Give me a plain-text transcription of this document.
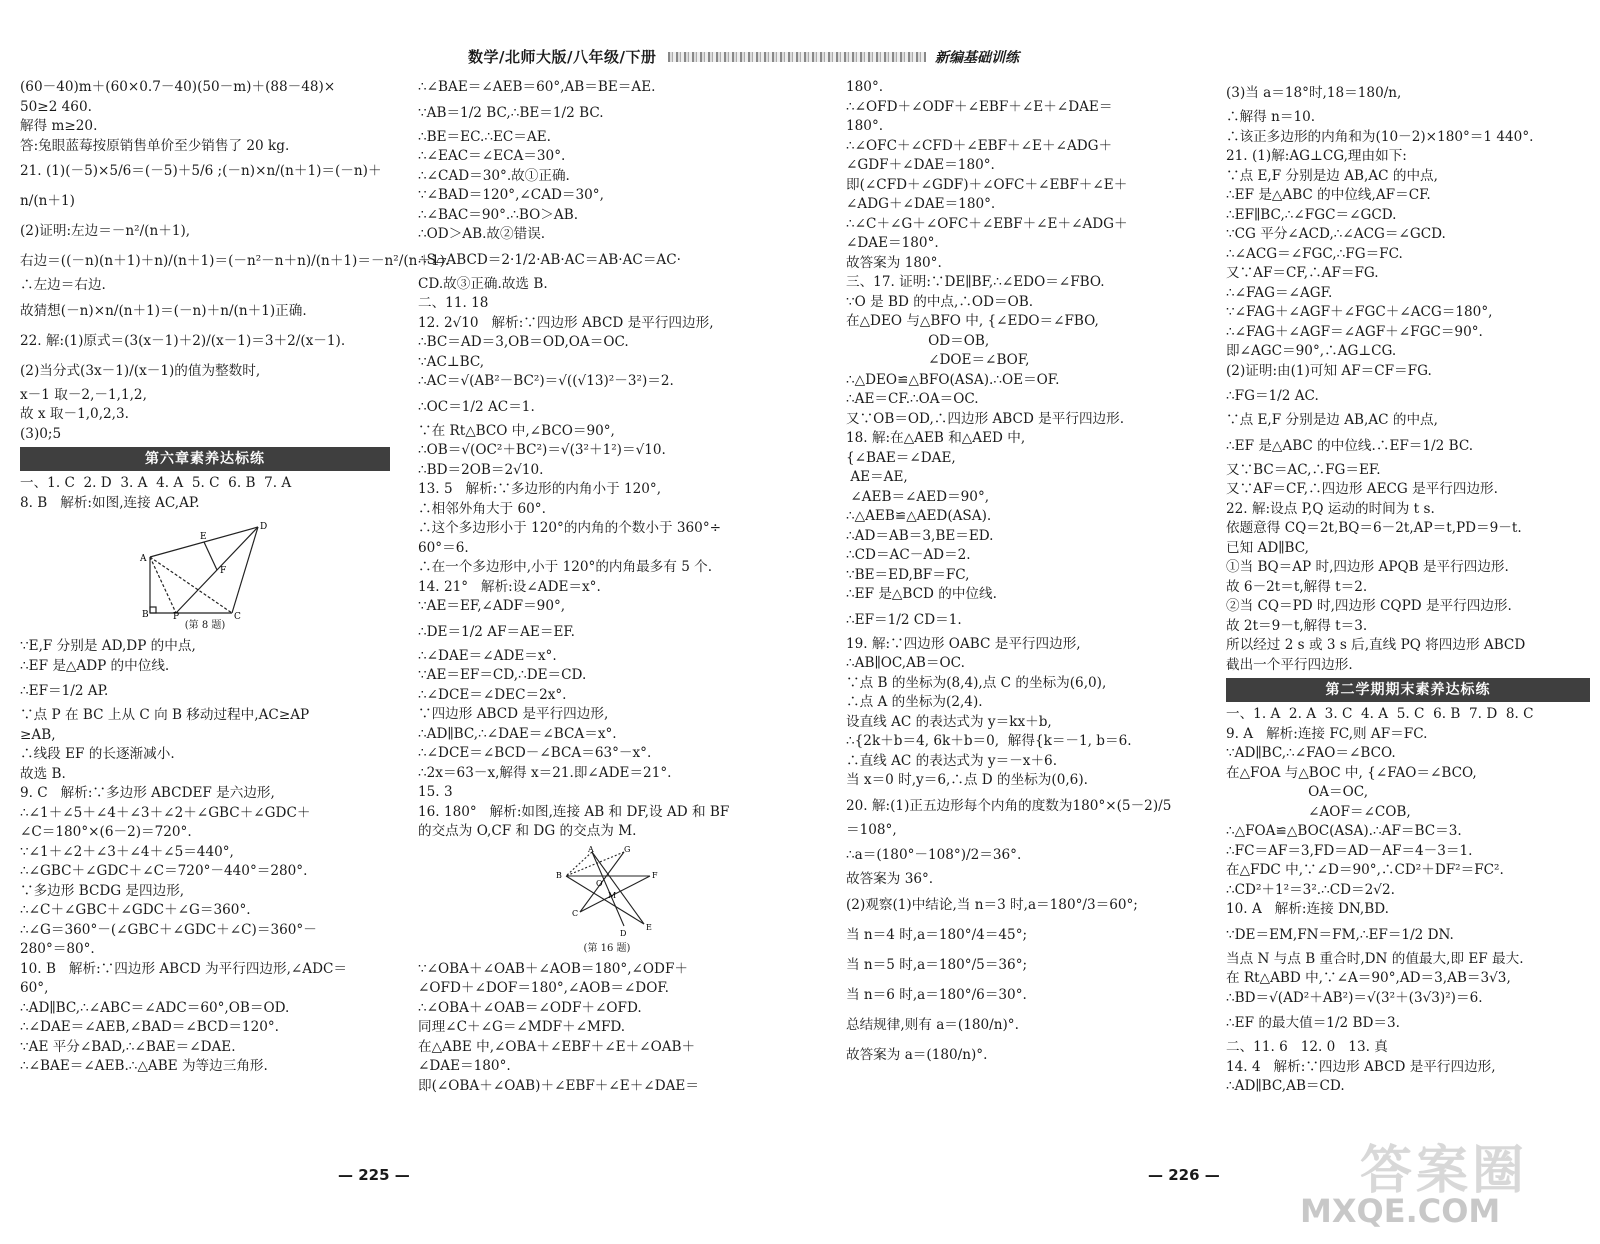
数学/北师大版/八年级/下册	新编基础训练
(60－40)m＋(60×0.7－40)(50－m)＋(88－48)×
50≥2 460.
解得 m≥20.
答:兔眼蓝莓按原销售单价至少销售了 20 kg.
21. (1)(－5)×5/6＝(－5)＋5/6 ;(－n)×n/(n＋1)＝(－n)＋
n/(n＋1)
(2)证明:左边＝－n²/(n＋1),
右边＝((－n)(n＋1)＋n)/(n＋1)＝(－n²－n＋n)/(n＋1)＝－n²/(n＋1).
∴左边＝右边.
故猜想(－n)×n/(n＋1)＝(－n)＋n/(n＋1)正确.
22. 解:(1)原式＝(3(x－1)＋2)/(x－1)＝3＋2/(x－1).
(2)当分式(3x－1)/(x－1)的值为整数时,
x－1 取－2,－1,1,2,
故 x 取－1,0,2,3.
(3)0;5
第六章素养达标练
一、1. C  2. D  3. A  4. A  5. C  6. B  7. A
8. B   解析:如图,连接 AC,AP.
A
B	P	C
D
E
F
(第 8 题)
∵E,F 分别是 AD,DP 的中点,
∴EF 是△ADP 的中位线.
∴EF＝1/2 AP.
∵点 P 在 BC 上从 C 向 B 移动过程中,AC≥AP
≥AB,
∴线段 EF 的长逐渐减小.
故选 B.
9. C   解析:∵多边形 ABCDEF 是六边形,
∴∠1＋∠5＋∠4＋∠3＋∠2＋∠GBC＋∠GDC＋
∠C＝180°×(6－2)＝720°.
∵∠1＋∠2＋∠3＋∠4＋∠5＝440°,
∴∠GBC＋∠GDC＋∠C＝720°－440°＝280°.
∵多边形 BCDG 是四边形,
∴∠C＋∠GBC＋∠GDC＋∠G＝360°.
∴∠G＝360°－(∠GBC＋∠GDC＋∠C)＝360°－
280°＝80°.
10. B   解析:∵四边形 ABCD 为平行四边形,∠ADC＝
60°,
∴AD∥BC,∴∠ABC＝∠ADC＝60°,OB＝OD.
∴∠DAE＝∠AEB,∠BAD＝∠BCD＝120°.
∵AE 平分∠BAD,∴∠BAE＝∠DAE.
∴∠BAE＝∠AEB.∴△ABE 为等边三角形.
∴∠BAE＝∠AEB＝60°,AB＝BE＝AE.
∵AB＝1/2 BC,∴BE＝1/2 BC.
∴BE＝EC.∴EC＝AE.
∴∠EAC＝∠ECA＝30°.
∴∠CAD＝30°.故①正确.
∵∠BAD＝120°,∠CAD＝30°,
∴∠BAC＝90°.∴BO＞AB.
∴OD＞AB.故②错误.
∴S▱ABCD＝2·1/2·AB·AC＝AB·AC＝AC·
CD.故③正确.故选 B.
二、11. 18
12. 2√10   解析:∵四边形 ABCD 是平行四边形,
∴BC＝AD＝3,OB＝OD,OA＝OC.
∵AC⊥BC,
∴AC＝√(AB²－BC²)＝√((√13)²－3²)＝2.
∴OC＝1/2 AC＝1.
∵在 Rt△BCO 中,∠BCO＝90°,
∴OB＝√(OC²＋BC²)＝√(3²＋1²)＝√10.
∴BD＝2OB＝2√10.
13. 5   解析:∵多边形的内角小于 120°,
∴相邻外角大于 60°.
∴这个多边形小于 120°的内角的个数小于 360°÷
60°＝6.
∴在一个多边形中,小于 120°的内角最多有 5 个.
14. 21°   解析:设∠ADE＝x°.
∵AE＝EF,∠ADF＝90°,
∴DE＝1/2 AF＝AE＝EF.
∴∠DAE＝∠ADE＝x°.
∵AE＝EF＝CD,∴DE＝CD.
∴∠DCE＝∠DEC＝2x°.
∵四边形 ABCD 是平行四边形,
∴AD∥BC,∴∠DAE＝∠BCA＝x°.
∴∠DCE＝∠BCD－∠BCA＝63°－x°.
∴2x＝63－x,解得 x＝21.即∠ADE＝21°.
15. 3
16. 180°   解析:如图,连接 AB 和 DF,设 AD 和 BF
的交点为 O,CF 和 DG 的交点为 M.
A	G
B	F
O
M
C
D
E
(第 16 题)
∵∠OBA＋∠OAB＋∠AOB＝180°,∠ODF＋
∠OFD＋∠DOF＝180°,∠AOB＝∠DOF.
∴∠OBA＋∠OAB＝∠ODF＋∠OFD.
同理∠C＋∠G＝∠MDF＋∠MFD.
在△ABE 中,∠OBA＋∠EBF＋∠E＋∠OAB＋
∠DAE＝180°.
即(∠OBA＋∠OAB)＋∠EBF＋∠E＋∠DAE＝
180°.
∴∠OFD＋∠ODF＋∠EBF＋∠E＋∠DAE＝
180°.
∴∠OFC＋∠CFD＋∠EBF＋∠E＋∠ADG＋
∠GDF＋∠DAE＝180°.
即(∠CFD＋∠GDF)＋∠OFC＋∠EBF＋∠E＋
∠ADG＋∠DAE＝180°.
∴∠C＋∠G＋∠OFC＋∠EBF＋∠E＋∠ADG＋
∠DAE＝180°.
故答案为 180°.
三、17. 证明:∵DE∥BF,∴∠EDO＝∠FBO.
∵O 是 BD 的中点,∴OD＝OB.
在△DEO 与△BFO 中, {∠EDO＝∠FBO,
OD＝OB,
∠DOE＝∠BOF,
∴△DEO≌△BFO(ASA).∴OE＝OF.
∴AE＝CF.∴OA＝OC.
又∵OB＝OD,∴四边形 ABCD 是平行四边形.
18. 解:在△AEB 和△AED 中,
{∠BAE＝∠DAE,
AE＝AE,
∠AEB＝∠AED＝90°,
∴△AEB≌△AED(ASA).
∴AD＝AB＝3,BE＝ED.
∴CD＝AC－AD＝2.
∵BE＝ED,BF＝FC,
∴EF 是△BCD 的中位线.
∴EF＝1/2 CD＝1.
19. 解:∵四边形 OABC 是平行四边形,
∴AB∥OC,AB＝OC.
∵点 B 的坐标为(8,4),点 C 的坐标为(6,0),
∴点 A 的坐标为(2,4).
设直线 AC 的表达式为 y＝kx＋b,
∴{2k＋b＝4, 6k＋b＝0,  解得{k＝－1, b＝6.
∴直线 AC 的表达式为 y＝－x＋6.
当 x＝0 时,y＝6,∴点 D 的坐标为(0,6).
20. 解:(1)正五边形每个内角的度数为180°×(5－2)/5
＝108°,
∴a＝(180°－108°)/2＝36°.
故答案为 36°.
(2)观察(1)中结论,当 n＝3 时,a＝180°/3＝60°;
当 n＝4 时,a＝180°/4＝45°;
当 n＝5 时,a＝180°/5＝36°;
当 n＝6 时,a＝180°/6＝30°.
总结规律,则有 a＝(180/n)°.
故答案为 a＝(180/n)°.
(3)当 a＝18°时,18＝180/n,
∴解得 n＝10.
∴该正多边形的内角和为(10－2)×180°＝1 440°.
21. (1)解:AG⊥CG,理由如下:
∵点 E,F 分别是边 AB,AC 的中点,
∴EF 是△ABC 的中位线,AF＝CF.
∴EF∥BC,∴∠FGC＝∠GCD.
∵CG 平分∠ACD,∴∠ACG＝∠GCD.
∴∠ACG＝∠FGC,∴FG＝FC.
又∵AF＝CF,∴AF＝FG.
∴∠FAG＝∠AGF.
∵∠FAG＋∠AGF＋∠FGC＋∠ACG＝180°,
∴∠FAG＋∠AGF＝∠AGF＋∠FGC＝90°.
即∠AGC＝90°,∴AG⊥CG.
(2)证明:由(1)可知 AF＝CF＝FG.
∴FG＝1/2 AC.
∵点 E,F 分别是边 AB,AC 的中点,
∴EF 是△ABC 的中位线.∴EF＝1/2 BC.
又∵BC＝AC,∴FG＝EF.
又∵AF＝CF,∴四边形 AECG 是平行四边形.
22. 解:设点 P,Q 运动的时间为 t s.
依题意得 CQ＝2t,BQ＝6－2t,AP＝t,PD＝9－t.
已知 AD∥BC,
①当 BQ＝AP 时,四边形 APQB 是平行四边形.
故 6－2t＝t,解得 t＝2.
②当 CQ＝PD 时,四边形 CQPD 是平行四边形.
故 2t＝9－t,解得 t＝3.
所以经过 2 s 或 3 s 后,直线 PQ 将四边形 ABCD
截出一个平行四边形.
第二学期期末素养达标练
一、1. A  2. A  3. C  4. A  5. C  6. B  7. D  8. C
9. A   解析:连接 FC,则 AF＝FC.
∵AD∥BC,∴∠FAO＝∠BCO.
在△FOA 与△BOC 中, {∠FAO＝∠BCO,
OA＝OC,
∠AOF＝∠COB,
∴△FOA≌△BOC(ASA).∴AF＝BC＝3.
∴FC＝AF＝3,FD＝AD－AF＝4－3＝1.
在△FDC 中,∵∠D＝90°,∴CD²＋DF²＝FC².
∴CD²＋1²＝3².∴CD＝2√2.
10. A   解析:连接 DN,BD.
∵DE＝EM,FN＝FM,∴EF＝1/2 DN.
当点 N 与点 B 重合时,DN 的值最大,即 EF 最大.
在 Rt△ABD 中,∵∠A＝90°,AD＝3,AB＝3√3,
∴BD＝√(AD²＋AB²)＝√(3²＋(3√3)²)＝6.
∴EF 的最大值＝1/2 BD＝3.
二、11. 6   12. 0   13. 真
14. 4   解析:∵四边形 ABCD 是平行四边形,
∴AD∥BC,AB＝CD.
— 225 —	— 226 —	答案圈
MXQE.COM
